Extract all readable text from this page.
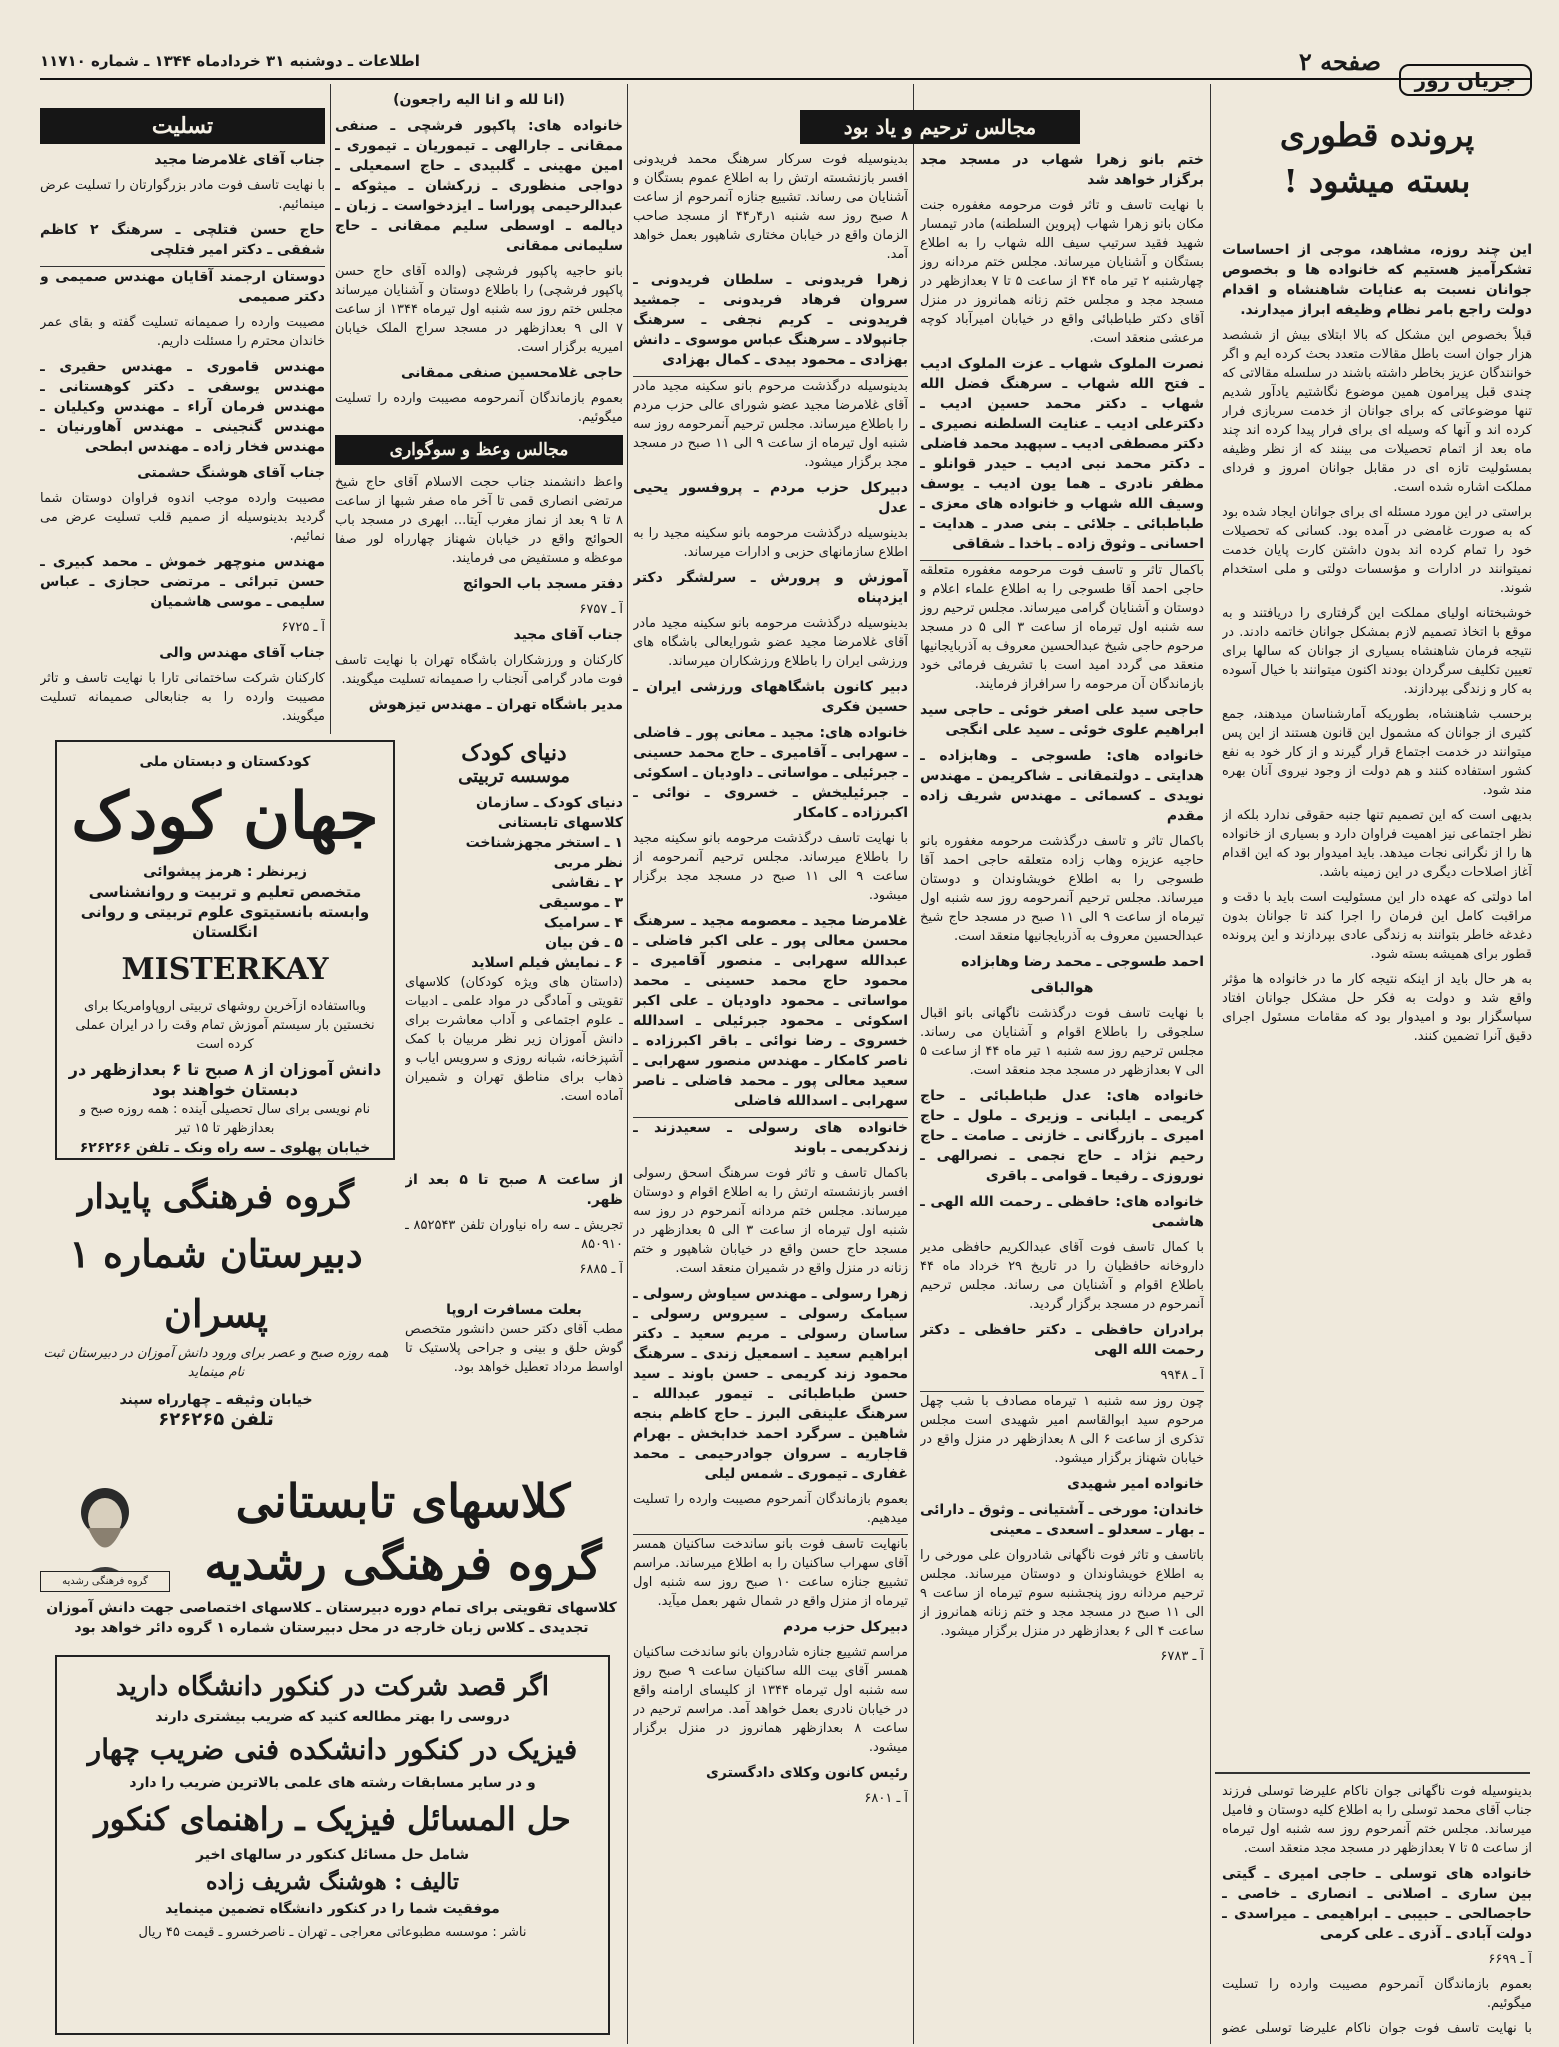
صفحه ۲
اطلاعات ـ دوشنبه ۳۱ خردادماه ۱۳۴۴ ـ شماره ۱۱۷۱۰
جریان روز
پرونده قطوری
بسته میشود !

این چند روزه، مشاهد، موجی از احساسات تشکرآمیز هستیم که خانواده ها و بخصوص جوانان نسبت به عنایات شاهنشاه و اقدام دولت راجع بامر نظام وظیفه ابراز میدارند.

قبلاً بخصوص این مشکل که بالا ابتلای بیش از ششصد هزار جوان است باطل مقالات متعدد بحث کرده ایم و اگر خوانندگان عزیز بخاطر داشته باشند در سلسله مقالاتی که چندی قبل پیرامون همین موضوع نگاشتیم یادآور شدیم تنها موضوعاتی که برای جوانان از خدمت سربازی فرار کرده اند و آنها که وسیله ای برای فرار پیدا کرده اند چند ماه بعد از اتمام تحصیلات می بینند که از نظر وظیفه بمسئولیت تازه ای در مقابل جوانان امروز و فردای مملکت اشاره شده است.

براستی در این مورد مسئله ای برای جوانان ایجاد شده بود که به صورت غامضی در آمده بود. کسانی که تحصیلات خود را تمام کرده اند بدون داشتن کارت پایان خدمت نمیتوانند در ادارات و مؤسسات دولتی و ملی استخدام شوند.

خوشبختانه اولیای مملکت این گرفتاری را دریافتند و به موقع با اتخاذ تصمیم لازم بمشکل جوانان خاتمه دادند. در نتیجه فرمان شاهنشاه بسیاری از جوانان که سالها برای تعیین تکلیف سرگردان بودند اکنون میتوانند با خیال آسوده به کار و زندگی بپردازند.

برحسب شاهنشاه، بطوریکه آمارشناسان میدهند، جمع کثیری از جوانان که مشمول این قانون هستند از این پس میتوانند در خدمت اجتماع قرار گیرند و از کار خود به نفع کشور استفاده کنند و هم دولت از وجود نیروی آنان بهره مند شود.

بدیهی است که این تصمیم تنها جنبه حقوقی ندارد بلکه از نظر اجتماعی نیز اهمیت فراوان دارد و بسیاری از خانواده ها را از نگرانی نجات میدهد. باید امیدوار بود که این اقدام آغاز اصلاحات دیگری در این زمینه باشد.

اما دولتی که عهده دار این مسئولیت است باید با دقت و مراقبت کامل این فرمان را اجرا کند تا جوانان بدون دغدغه خاطر بتوانند به زندگی عادی بپردازند و این پرونده قطور برای همیشه بسته شود.

به هر حال باید از اینکه نتیجه کار ما در خانواده ها مؤثر واقع شد و دولت به فکر حل مشکل جوانان افتاد سپاسگزار بود و امیدوار بود که مقامات مسئول اجرای دقیق آنرا تضمین کنند.

بدینوسیله فوت ناگهانی جوان ناکام علیرضا توسلی فرزند جناب آقای محمد توسلی را به اطلاع کلیه دوستان و فامیل میرساند. مجلس ختم آنمرحوم روز سه شنبه اول تیرماه از ساعت ۵ تا ۷ بعدازظهر در مسجد مجد منعقد است.

خانواده های توسلی ـ حاجی امیری ـ گیتی بین ساری ـ اصلانی ـ انصاری ـ خاصی ـ حاجصالحی ـ حبیبی ـ ابراهیمی ـ میراسدی ـ دولت آبادی ـ آذری ـ علی کرمی

آ ـ ۶۶۹۹

بعموم بازماندگان آنمرحوم مصیبت وارده را تسلیت میگوئیم.

با نهایت تاسف فوت جوان ناکام علیرضا توسلی عضو

مجالس ترحیم و یاد بود

ختم بانو زهرا شهاب در مسجد مجد برگزار خواهد شد

با نهایت تاسف و تاثر فوت مرحومه مغفوره جنت مکان بانو زهرا شهاب (پروین السلطنه) مادر تیمسار شهید فقید سرتیپ سیف الله شهاب را به اطلاع بستگان و آشنایان میرساند. مجلس ختم مردانه روز چهارشنبه ۲ تیر ماه ۴۴ از ساعت ۵ تا ۷ بعدازظهر در مسجد مجد و مجلس ختم زنانه همانروز در منزل آقای دکتر طباطبائی واقع در خیابان امیرآباد کوچه مرعشی منعقد است.

نصرت الملوک شهاب ـ عزت الملوک ادیب ـ فتح الله شهاب ـ سرهنگ فضل الله شهاب ـ دکتر محمد حسین ادیب ـ دکترعلی ادیب ـ عنایت السلطنه نصیری ـ دکتر مصطفی ادیب ـ سپهبد محمد فاضلی ـ دکتر محمد نبی ادیب ـ حیدر قوانلو ـ مظفر نادری ـ هما یون ادیب ـ یوسف وسیف الله شهاب و خانواده های معزی ـ طباطبائی ـ جلائی ـ بنی صدر ـ هدایت ـ احسانی ـ وثوق زاده ـ باخدا ـ شقاقی

باکمال تاثر و تاسف فوت مرحومه مغفوره متعلقه حاجی احمد آقا طسوجی را به اطلاع علماء اعلام و دوستان و آشنایان گرامی میرساند. مجلس ترحیم روز سه شنبه اول تیرماه از ساعت ۳ الی ۵ در مسجد مرحوم حاجی شیخ عبدالحسین معروف به آذربایجانیها منعقد می گردد امید است با تشریف فرمائی خود بازماندگان آن مرحومه را سرافراز فرمایند.

حاجی سید علی اصغر خوئی ـ حاجی سید ابراهیم علوی خوئی ـ سید علی انگجی

خانواده های: طسوجی ـ وهابزاده ـ هدایتی ـ دولتمقانی ـ شاکریمن ـ مهندس نویدی ـ کسمائی ـ مهندس شریف زاده مقدم

باکمال تاثر و تاسف درگذشت مرحومه مغفوره بانو حاجیه عزیزه وهاب زاده متعلقه حاجی احمد آقا طسوجی را به اطلاع خویشاوندان و دوستان میرساند. مجلس ترحیم آنمرحومه روز سه شنبه اول تیرماه از ساعت ۹ الی ۱۱ صبح در مسجد حاج شیخ عبدالحسین معروف به آذربایجانیها منعقد است.

احمد طسوجی ـ محمد رضا وهابزاده

هوالباقی

با نهایت تاسف فوت درگذشت ناگهانی بانو اقبال سلجوقی را باطلاع اقوام و آشنایان می رساند. مجلس ترحیم روز سه شنبه ۱ تیر ماه ۴۴ از ساعت ۵ الی ۷ بعدازظهر در مسجد مجد منعقد است.

خانواده های: عدل طباطبائی ـ حاج کریمی ـ ایلبانی ـ وزیری ـ ملول ـ حاج امیری ـ بازرگانی ـ خازنی ـ صامت ـ حاج رحیم نژاد ـ حاج نجمی ـ نصرالهی ـ نوروزی ـ رفیعا ـ قوامی ـ باقری

خانواده های: حافظی ـ رحمت الله الهی ـ هاشمی

با کمال تاسف فوت آقای عبدالکریم حافظی مدیر داروخانه حافظیان را در تاریخ ۲۹ خرداد ماه ۴۴ باطلاع اقوام و آشنایان می رساند. مجلس ترحیم آنمرحوم در مسجد برگزار گردید.

برادران حافظی ـ دکتر حافظی ـ دکتر رحمت الله الهی

آ ـ ۹۹۴۸

چون روز سه شنبه ۱ تیرماه مصادف با شب چهل مرحوم سید ابوالقاسم امیر شهیدی است مجلس تذکری از ساعت ۶ الی ۸ بعدازظهر در منزل واقع در خیابان شهناز برگزار میشود.

خانواده امیر شهیدی

خاندان: مورخی ـ آشتیانی ـ وثوق ـ دارائی ـ بهار ـ سعدلو ـ اسعدی ـ معینی

باتاسف و تاثر فوت ناگهانی شادروان علی مورخی را به اطلاع خویشاوندان و دوستان میرساند. مجلس ترحیم مردانه روز پنجشنبه سوم تیرماه از ساعت ۹ الی ۱۱ صبح در مسجد مجد و ختم زنانه همانروز از ساعت ۴ الی ۶ بعدازظهر در منزل برگزار میشود.

آ ـ ۶۷۸۳

بدینوسیله فوت سرکار سرهنگ محمد فریدونی افسر بازنشسته ارتش را به اطلاع عموم بستگان و آشنایان می رساند. تشییع جنازه آنمرحوم از ساعت ۸ صبح روز سه شنبه ۱ر۴ر۴۴ از مسجد صاحب الزمان واقع در خیابان مختاری شاهپور بعمل خواهد آمد.

زهرا فریدونی ـ سلطان فریدونی ـ سروان فرهاد فریدونی ـ جمشید فریدونی ـ کریم نجفی ـ سرهنگ جانپولاد ـ سرهنگ عباس موسوی ـ دانش بهزادی ـ محمود بیدی ـ کمال بهزادی

بدینوسیله درگذشت مرحوم بانو سکینه مجید مادر آقای غلامرضا مجید عضو شورای عالی حزب مردم را باطلاع میرساند. مجلس ترحیم آنمرحومه روز سه شنبه اول تیرماه از ساعت ۹ الی ۱۱ صبح در مسجد مجد برگزار میشود.

دبیرکل حزب مردم ـ پروفسور یحیی عدل

بدینوسیله درگذشت مرحومه بانو سکینه مجید را به اطلاع سازمانهای حزبی و ادارات میرساند.

آموزش و پرورش ـ سرلشگر دکتر ایزدپناه

بدینوسیله درگذشت مرحومه بانو سکینه مجید مادر آقای غلامرضا مجید عضو شورایعالی باشگاه های ورزشی ایران را باطلاع ورزشکاران میرساند.

دبیر کانون باشگاههای ورزشی ایران ـ حسین فکری

خانواده های: مجید ـ معانی پور ـ فاضلی ـ سهرابی ـ آقامیری ـ حاج محمد حسینی ـ جبرئیلی ـ مواساتی ـ داودیان ـ اسکوئی ـ جبرئیلیخش ـ خسروی ـ نوائی ـ اکبرزاده ـ کامکار

با نهایت تاسف درگذشت مرحومه بانو سکینه مجید را باطلاع میرساند. مجلس ترحیم آنمرحومه از ساعت ۹ الی ۱۱ صبح در مسجد مجد برگزار میشود.

غلامرضا مجید ـ معصومه مجید ـ سرهنگ محسن معالی پور ـ علی اکبر فاضلی ـ عبدالله سهرابی ـ منصور آقامیری ـ محمود حاج محمد حسینی ـ محمد مواساتی ـ محمود داودیان ـ علی اکبر اسکوئی ـ محمود جبرئیلی ـ اسدالله خسروی ـ رضا نوائی ـ باقر اکبرزاده ـ ناصر کامکار ـ مهندس منصور سهرابی ـ سعید معالی پور ـ محمد فاضلی ـ ناصر سهرابی ـ اسدالله فاضلی

خانواده های رسولی ـ سعیدزند ـ زندکریمی ـ باوند

باکمال تاسف و تاثر فوت سرهنگ اسحق رسولی افسر بازنشسته ارتش را به اطلاع اقوام و دوستان میرساند. مجلس ختم مردانه آنمرحوم در روز سه شنبه اول تیرماه از ساعت ۳ الی ۵ بعدازظهر در مسجد حاج حسن واقع در خیابان شاهپور و ختم زنانه در منزل واقع در شمیران منعقد است.

زهرا رسولی ـ مهندس سیاوش رسولی ـ سیامک رسولی ـ سیروس رسولی ـ ساسان رسولی ـ مریم سعید ـ دکتر ابراهیم سعید ـ اسمعیل زندی ـ سرهنگ محمود زند کریمی ـ حسن باوند ـ سید حسن طباطبائی ـ تیمور عبدالله ـ سرهنگ علینقی البرز ـ حاج کاظم بنجه شاهین ـ سرگرد احمد خدابخش ـ بهرام قاجاریه ـ سروان جوادرحیمی ـ محمد غفاری ـ تیموری ـ شمس لیلی

بعموم بازماندگان آنمرحوم مصیبت وارده را تسلیت میدهیم.

بانهایت تاسف فوت بانو ساندخت ساکنیان همسر آقای سهراب ساکنیان را به اطلاع میرساند. مراسم تشییع جنازه ساعت ۱۰ صبح روز سه شنبه اول تیرماه از منزل واقع در شمال شهر بعمل میآید.

دبیرکل حزب مردم

مراسم تشییع جنازه شادروان بانو ساندخت ساکنیان همسر آقای بیت الله ساکنیان ساعت ۹ صبح روز سه شنبه اول تیرماه ۱۳۴۴ از کلیسای ارامنه واقع در خیابان نادری بعمل خواهد آمد. مراسم ترحیم در ساعت ۸ بعدازظهر همانروز در منزل برگزار میشود.

رئیس کانون وکلای دادگستری

آ ـ ۶۸۰۱

(انا لله و انا الیه راجعون)

خانواده های: پاکپور فرشچی ـ صنفی ممقانی ـ جارالهی ـ تیموریان ـ تیموری ـ امین مهینی ـ گلبیدی ـ حاج اسمعیلی ـ دواجی منظوری ـ زرکشان ـ میثوکه ـ عبدالرحیمی پوراسا ـ ایزدخواست ـ زبان ـ دیالمه ـ اوسطی سلیم ممقانی ـ حاج سلیمانی ممقانی

بانو حاجیه پاکپور فرشچی (والده آقای حاج حسن پاکپور فرشچی) را باطلاع دوستان و آشنایان میرساند مجلس ختم روز سه شنبه اول تیرماه ۱۳۴۴ از ساعت ۷ الی ۹ بعدازظهر در مسجد سراج الملک خیابان امیریه برگزار است.

حاجی غلامحسین صنفی ممقانی

بعموم بازماندگان آنمرحومه مصیبت وارده را تسلیت میگوئیم.

مجالس وعظ و سوگواری

واعظ دانشمند جناب حجت الاسلام آقای حاج شیخ مرتضی انصاری قمی تا آخر ماه صفر شبها از ساعت ۸ تا ۹ بعد از نماز مغرب آیتا... ابهری در مسجد باب الحوائج واقع در خیابان شهناز چهارراه لور صفا موعظه و مستفیض می فرمایند.

دفتر مسجد باب الحوائج

آ ـ ۶۷۵۷

جناب آقای مجید

کارکنان و ورزشکاران باشگاه تهران با نهایت تاسف فوت مادر گرامی آنجناب را صمیمانه تسلیت میگویند.

مدیر باشگاه تهران ـ مهندس تیزهوش

تسلیت

جناب آقای غلامرضا مجید

با نهایت تاسف فوت مادر بزرگوارتان را تسلیت عرض مینمائیم.

حاج حسن فتلچی ـ سرهنگ ۲ کاظم شفقی ـ دکتر امیر فتلچی

دوستان ارجمند آقایان مهندس صمیمی و دکتر صمیمی

مصیبت وارده را صمیمانه تسلیت گفته و بقای عمر خاندان محترم را مسئلت داریم.

مهندس قاموری ـ مهندس حقیری ـ مهندس یوسفی ـ دکتر کوهستانی ـ مهندس فرمان آراء ـ مهندس وکیلیان ـ مهندس گنجینی ـ مهندس آهاورنیان ـ مهندس فخار زاده ـ مهندس ابطحی

جناب آقای هوشنگ حشمتی

مصیبت وارده موجب اندوه فراوان دوستان شما گردید بدینوسیله از صمیم قلب تسلیت عرض می نمائیم.

مهندس منوچهر خموش ـ محمد کبیری ـ حسن تبرائی ـ مرتضی حجازی ـ عباس سلیمی ـ موسی هاشمیان

آ ـ ۶۷۲۵

جناب آقای مهندس والی

کارکنان شرکت ساختمانی تارا با نهایت تاسف و تاثر مصیبت وارده را به جنابعالی صمیمانه تسلیت میگویند.

کودکستان و دبستان ملی
جهان کودک
زیرنظر : هرمز پیشوائی
متخصص تعلیم و تربیت و روانشناسی وابسته بانستیتوی علوم تربیتی و روانی انگلستان
MISTERKAY
وبااستفاده ازآخرین روشهای تربیتی اروپاوامریکا برای نخستین بار سیستم آموزش تمام وقت را در ایران عملی کرده است
دانش آموزان از ۸ صبح تا ۶ بعدازظهر در دبستان خواهند بود
نام نویسی برای سال تحصیلی آینده : همه روزه صبح و بعدازظهر تا ۱۵ تیر
خیابان پهلوی ـ سه راه ونک ـ تلفن ۶۲۶۲۶۶
دنیای کودک
موسسه تربیتی
دنیای کودک ـ سازمان
کلاسهای تابستانی
۱ ـ استخر مجهزشناخت
نظر مربی
۲ ـ نقاشی
۳ ـ موسیقی
۴ ـ سرامیک
۵ ـ فن بیان
۶ ـ نمایش فیلم اسلاید

(داستان های ویژه کودکان) کلاسهای تقویتی و آمادگی در مواد علمی ـ ادبیات ـ علوم اجتماعی و آداب معاشرت برای دانش آموزان زیر نظر مربیان با کمک آشپزخانه، شبانه روزی و سرویس ایاب و ذهاب برای مناطق تهران و شمیران آماده است.

گروه فرهنگی پایدار
دبیرستان شماره ۱ پسران
همه روزه صبح و عصر برای ورود دانش آموزان در دبیرستان ثبت نام مینماید
خیابان وثیقه ـ چهارراه سپند
تلفن ۶۲۶۲۶۵

از ساعت ۸ صبح تا ۵ بعد از ظهر.

تجریش ـ سه راه نیاوران تلفن ۸۵۲۵۴۳ ـ ۸۵۰۹۱۰

آ ـ ۶۸۸۵

بعلت مسافرت اروپا

مطب آقای دکتر حسن دانشور متخصص گوش حلق و بینی و جراحی پلاستیک تا اواسط مرداد تعطیل خواهد بود.

کلاسهای تابستانی
گروه فرهنگی رشدیه
گروه فرهنگی رشدیه

کلاسهای تقویتی برای تمام دوره دبیرستان ـ کلاسهای اختصاصی جهت دانش آموزان تجدیدی ـ کلاس زبان خارجه در محل دبیرستان شماره ۱ گروه دائر خواهد بود

اگر قصد شرکت در کنکور دانشگاه دارید
دروسی را بهتر مطالعه کنید که ضریب بیشتری دارند
فیزیک در کنکور دانشکده فنی ضریب چهار
و در سایر مسابقات رشته های علمی بالاترین ضریب را دارد
حل المسائل فیزیک ـ راهنمای کنکور
شامل حل مسائل کنکور در سالهای اخیر
تالیف : هوشنگ شریف زاده
موفقیت شما را در کنکور دانشگاه تضمین مینماید
ناشر : موسسه مطبوعاتی معراجی ـ تهران ـ ناصرخسرو ـ قیمت ۴۵ ریال
